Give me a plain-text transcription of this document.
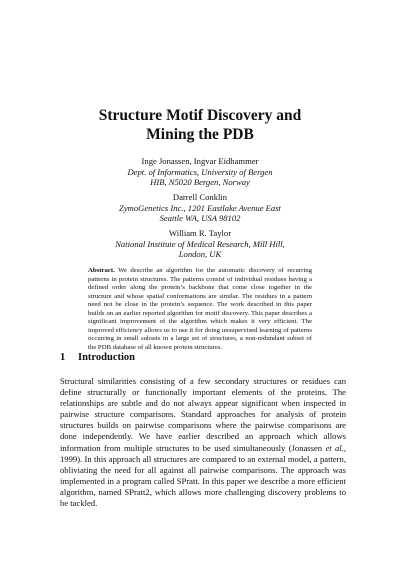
Structure Motif Discovery and
Mining the PDB
Inge Jonassen, Ingvar Eidhammer
Dept. of Informatics, University of Bergen
HIB, N5020 Bergen, Norway
Darrell Conklin
ZymoGenetics Inc., 1201 Eastlake Avenue East
Seattle WA, USA 98102
William R. Taylor
National Institute of Medical Research, Mill Hill,
London, UK
Abstract. We describe an algorithm for the automatic discovery of recurring patterns in protein structures. The patterns consist of individual residues having a defined order along the protein’s backbone that come close together in the structure and whose spatial conformations are similar. The residues in a pattern need not be close in the protein’s sequence. The work described in this paper builds on an earlier reported algorithm for motif discovery. This paper describes a significant improvement of the algorithm which makes it very efficient. The improved efficiency allows us to use it for doing unsupervised learning of patterns occurring in small subsets in a large set of structures, a non-redundant subset of the PDB database of all known protein structures.
1 Introduction
Structural similarities consisting of a few secondary structures or residues can define structurally or functionally important elements of the proteins. The relationships are subtle and do not always appear significant when inspected in pairwise structure comparisons. Standard approaches for analysis of protein structures builds on pairwise comparisons where the pairwise comparisons are done independently. We have earlier described an approach which allows information from multiple structures to be used simultaneously (Jonassen et al., 1999). In this approach all structures are compared to an external model, a pattern, obliviating the need for all against all pairwise comparisons. The approach was implemented in a program called SPratt. In this paper we describe a more efficient algorithm, named SPratt2, which allows more challenging discovery problems to be tackled.
